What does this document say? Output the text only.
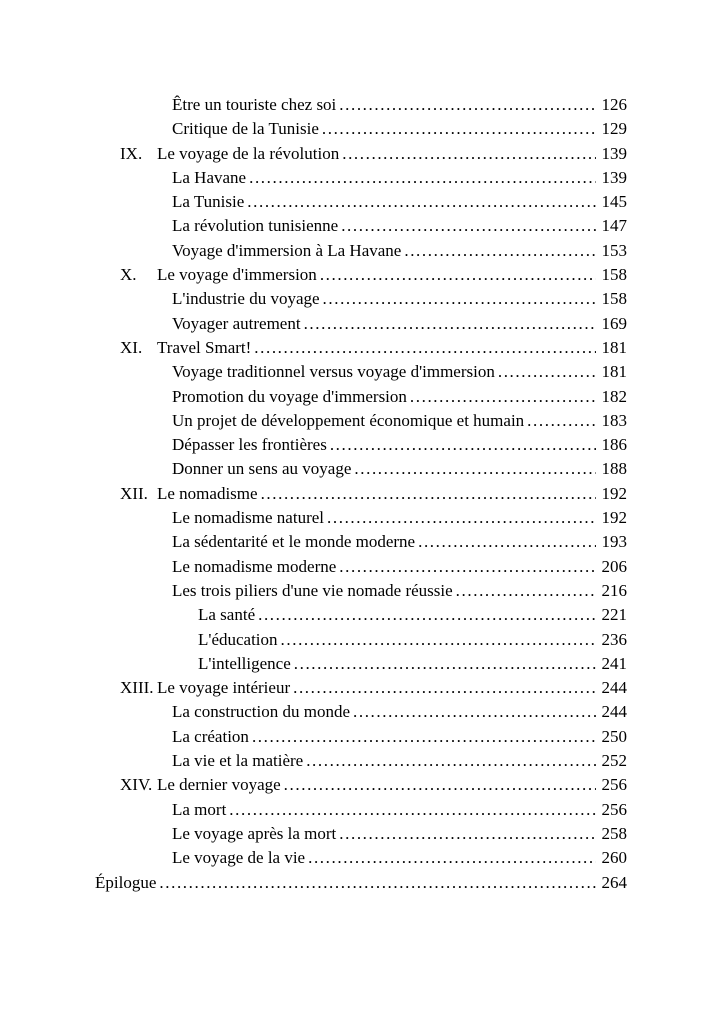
Être un touriste chez soi .....	126
Critique de la Tunisie .....	129
IX. Le voyage de la révolution .....	139
La Havane .....	139
La Tunisie .....	145
La révolution tunisienne .....	147
Voyage d'immersion à La Havane .....	153
X.	Le voyage d'immersion .....	158
L'industrie du voyage .....	158
Voyager autrement .....	169
XI. Travel Smart! .....	181
Voyage traditionnel versus voyage d'immersion .....	181
Promotion du voyage d'immersion .....	182
Un projet de développement économique et humain .....	183
Dépasser les frontières .....	186
Donner un sens au voyage .....	188
XII. Le nomadisme .....	192
Le nomadisme naturel .....	192
La sédentarité et le monde moderne .....	193
Le nomadisme moderne .....	206
Les trois piliers d'une vie nomade réussie .....	216
La santé .....	221
L'éducation .....	236
L'intelligence .....	241
XIII. Le voyage intérieur .....	244
La construction du monde .....	244
La création .....	250
La vie et la matière .....	252
XIV. Le dernier voyage .....	256
La mort .....	256
Le voyage après la mort .....	258
Le voyage de la vie .....	260
Épilogue .....	264
